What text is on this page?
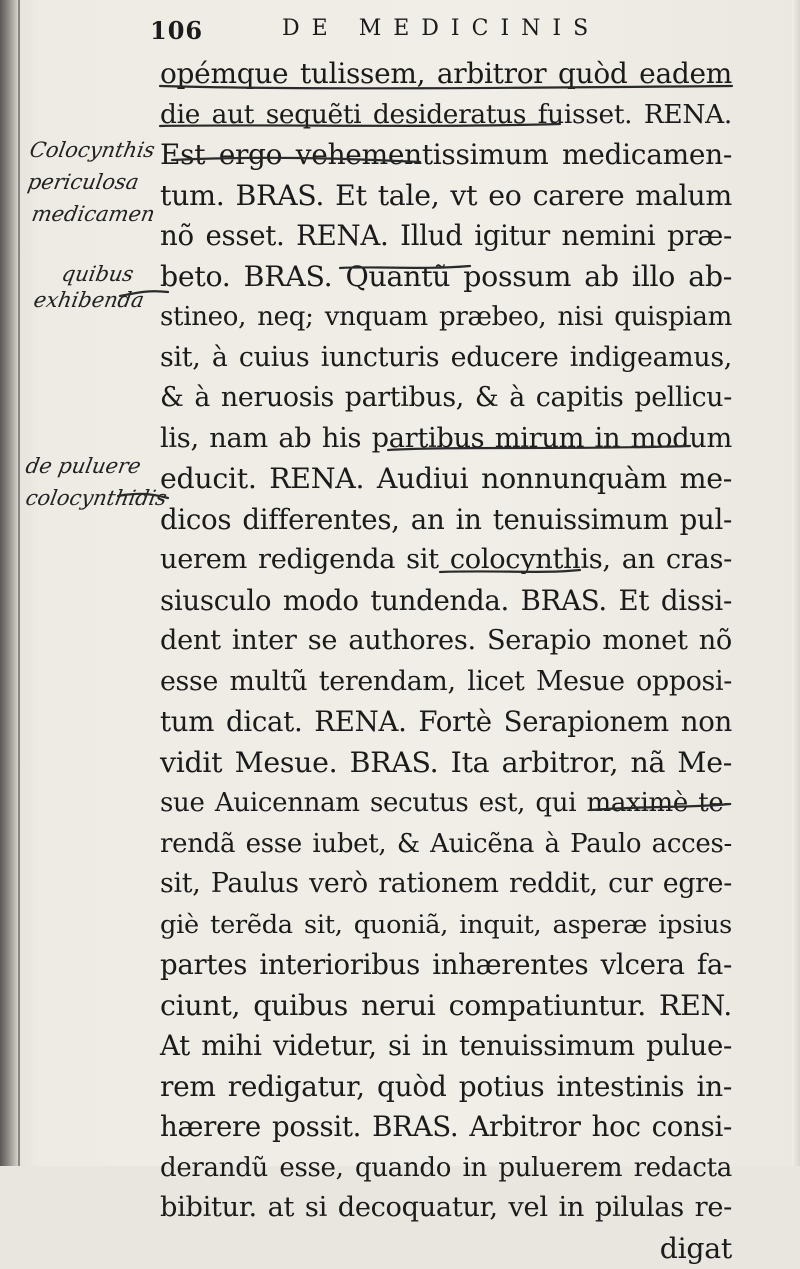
106	DE MEDICINIS
Colocynthis
periculosa
medicamen
quibus
exhibenda
de puluere
colocynthidis
opémque tulissem, arbitror quòd eadem
die aut sequẽti desideratus fuisset. RENA.
Est ergo vehementissimum medicamen-
tum. BRAS. Et tale, vt eo carere malum
nõ esset. RENA. Illud igitur nemini præ-
beto. BRAS. Quantũ possum ab illo ab-
stineo, neq; vnquam præbeo, nisi quispiam
sit, à cuius iuncturis educere indigeamus,
& à neruosis partibus, & à capitis pellicu-
lis, nam ab his partibus mirum in modum
educit. RENA. Audiui nonnunquàm me-
dicos differentes, an in tenuissimum pul-
uerem redigenda sit colocynthis, an cras-
siusculo modo tundenda. BRAS. Et dissi-
dent inter se authores. Serapio monet nõ
esse multũ terendam, licet Mesue opposi-
tum dicat. RENA. Fortè Serapionem non
vidit Mesue. BRAS. Ita arbitror, nã Me-
sue Auicennam secutus est, qui maximè te-
rendã esse iubet, & Auicẽna à Paulo acces-
sit, Paulus verò rationem reddit, cur egre-
giè terẽda sit, quoniã, inquit, asperæ ipsius
partes interioribus inhærentes vlcera fa-
ciunt, quibus nerui compatiuntur. REN.
At mihi videtur, si in tenuissimum pulue-
rem redigatur, quòd potius intestinis in-
hærere possit. BRAS. Arbitror hoc consi-
derandũ esse, quando in puluerem redacta
bibitur. at si decoquatur, vel in pilulas re-
digat
